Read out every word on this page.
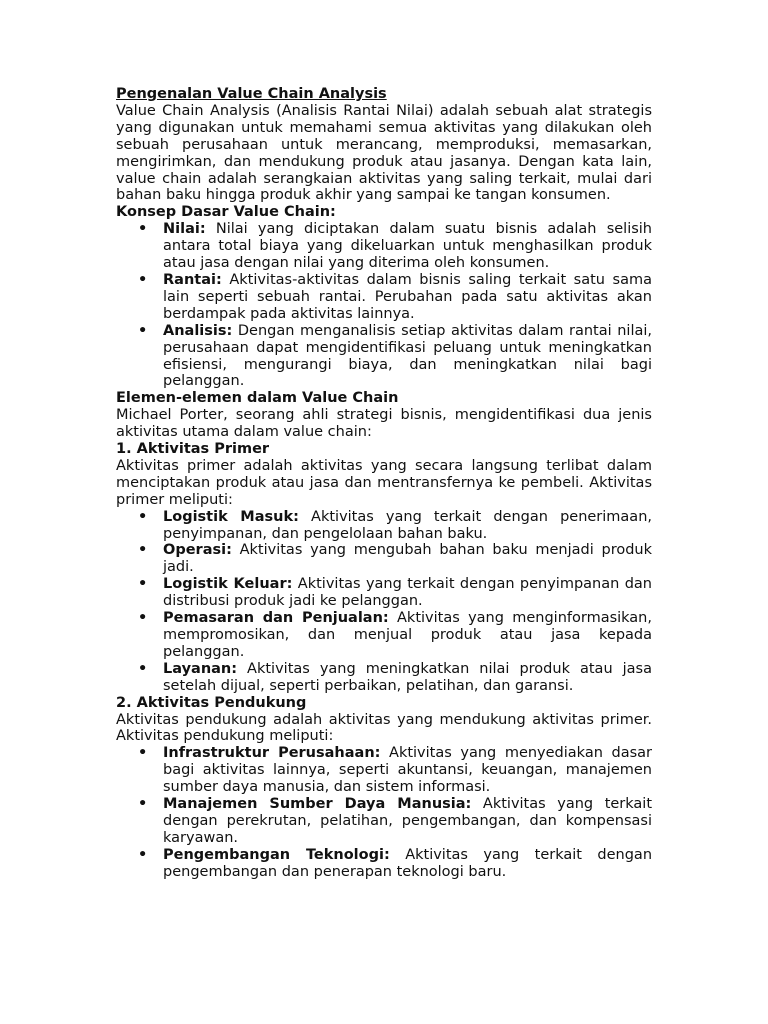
Pengenalan Value Chain Analysis

Value Chain Analysis (Analisis Rantai Nilai) adalah sebuah alat strategis yang digunakan untuk memahami semua aktivitas yang dilakukan oleh sebuah perusahaan untuk merancang, memproduksi, memasarkan, mengirimkan, dan mendukung produk atau jasanya. Dengan kata lain, value chain adalah serangkaian aktivitas yang saling terkait, mulai dari bahan baku hingga produk akhir yang sampai ke tangan konsumen.

Konsep Dasar Value Chain:

• Nilai: Nilai yang diciptakan dalam suatu bisnis adalah selisih antara total biaya yang dikeluarkan untuk menghasilkan produk atau jasa dengan nilai yang diterima oleh konsumen.
• Rantai: Aktivitas-aktivitas dalam bisnis saling terkait satu sama lain seperti sebuah rantai. Perubahan pada satu aktivitas akan berdampak pada aktivitas lainnya.
• Analisis: Dengan menganalisis setiap aktivitas dalam rantai nilai, perusahaan dapat mengidentifikasi peluang untuk meningkatkan efisiensi, mengurangi biaya, dan meningkatkan nilai bagi pelanggan.

Elemen-elemen dalam Value Chain

Michael Porter, seorang ahli strategi bisnis, mengidentifikasi dua jenis aktivitas utama dalam value chain:

1. Aktivitas Primer

Aktivitas primer adalah aktivitas yang secara langsung terlibat dalam menciptakan produk atau jasa dan mentransfernya ke pembeli. Aktivitas primer meliputi:

• Logistik Masuk: Aktivitas yang terkait dengan penerimaan, penyimpanan, dan pengelolaan bahan baku.
• Operasi: Aktivitas yang mengubah bahan baku menjadi produk jadi.
• Logistik Keluar: Aktivitas yang terkait dengan penyimpanan dan distribusi produk jadi ke pelanggan.
• Pemasaran dan Penjualan: Aktivitas yang menginformasikan, mempromosikan, dan menjual produk atau jasa kepada pelanggan.
• Layanan: Aktivitas yang meningkatkan nilai produk atau jasa setelah dijual, seperti perbaikan, pelatihan, dan garansi.

2. Aktivitas Pendukung

Aktivitas pendukung adalah aktivitas yang mendukung aktivitas primer. Aktivitas pendukung meliputi:

• Infrastruktur Perusahaan: Aktivitas yang menyediakan dasar bagi aktivitas lainnya, seperti akuntansi, keuangan, manajemen sumber daya manusia, dan sistem informasi.
• Manajemen Sumber Daya Manusia: Aktivitas yang terkait dengan perekrutan, pelatihan, pengembangan, dan kompensasi karyawan.
• Pengembangan Teknologi: Aktivitas yang terkait dengan pengembangan dan penerapan teknologi baru.
